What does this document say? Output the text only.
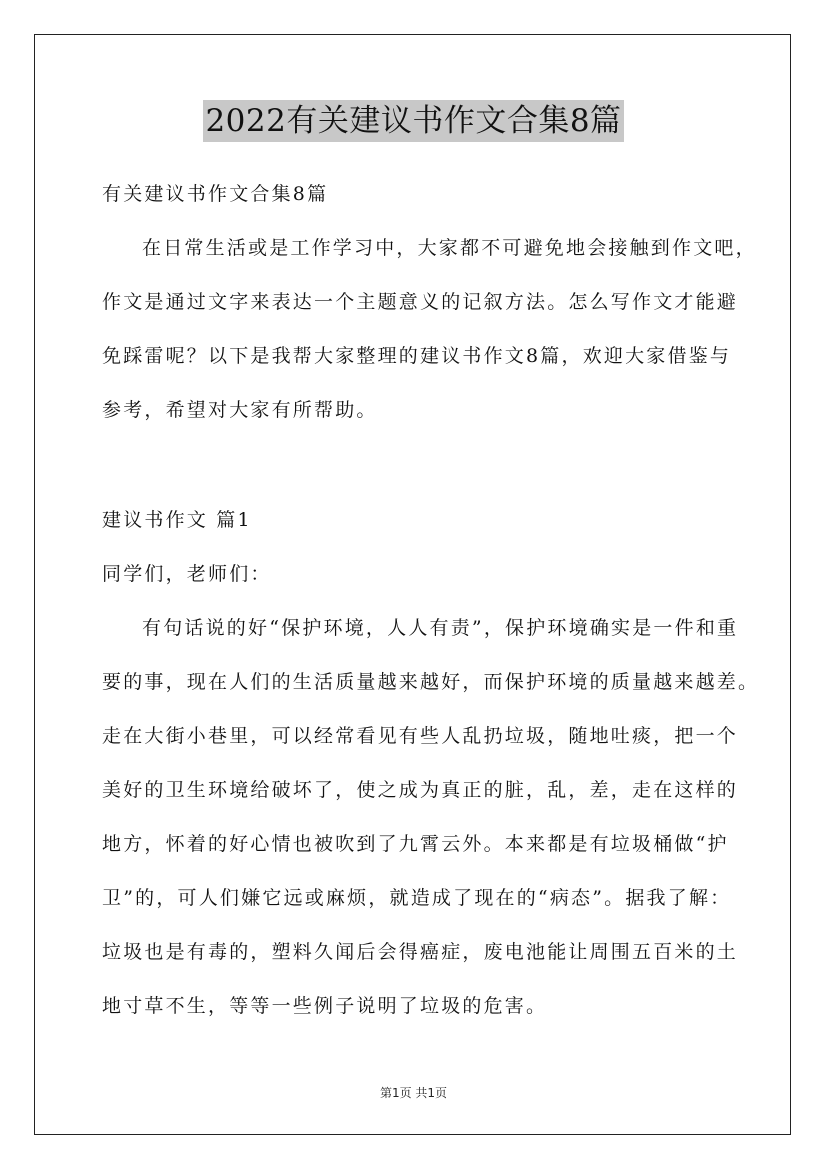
2022有关建议书作文合集8篇
有关建议书作文合集8篇
在日常生活或是工作学习中，大家都不可避免地会接触到作文吧，
作文是通过文字来表达一个主题意义的记叙方法。怎么写作文才能避
免踩雷呢？以下是我帮大家整理的建议书作文8篇，欢迎大家借鉴与
参考，希望对大家有所帮助。
建议书作文 篇1
同学们，老师们：
有句话说的好“保护环境，人人有责”，保护环境确实是一件和重
要的事，现在人们的生活质量越来越好，而保护环境的质量越来越差。
走在大街小巷里，可以经常看见有些人乱扔垃圾，随地吐痰，把一个
美好的卫生环境给破坏了，使之成为真正的脏，乱，差，走在这样的
地方，怀着的好心情也被吹到了九霄云外。本来都是有垃圾桶做“护
卫”的，可人们嫌它远或麻烦，就造成了现在的“病态”。据我了解：
垃圾也是有毒的，塑料久闻后会得癌症，废电池能让周围五百米的土
地寸草不生，等等一些例子说明了垃圾的危害。
第1页 共1页
